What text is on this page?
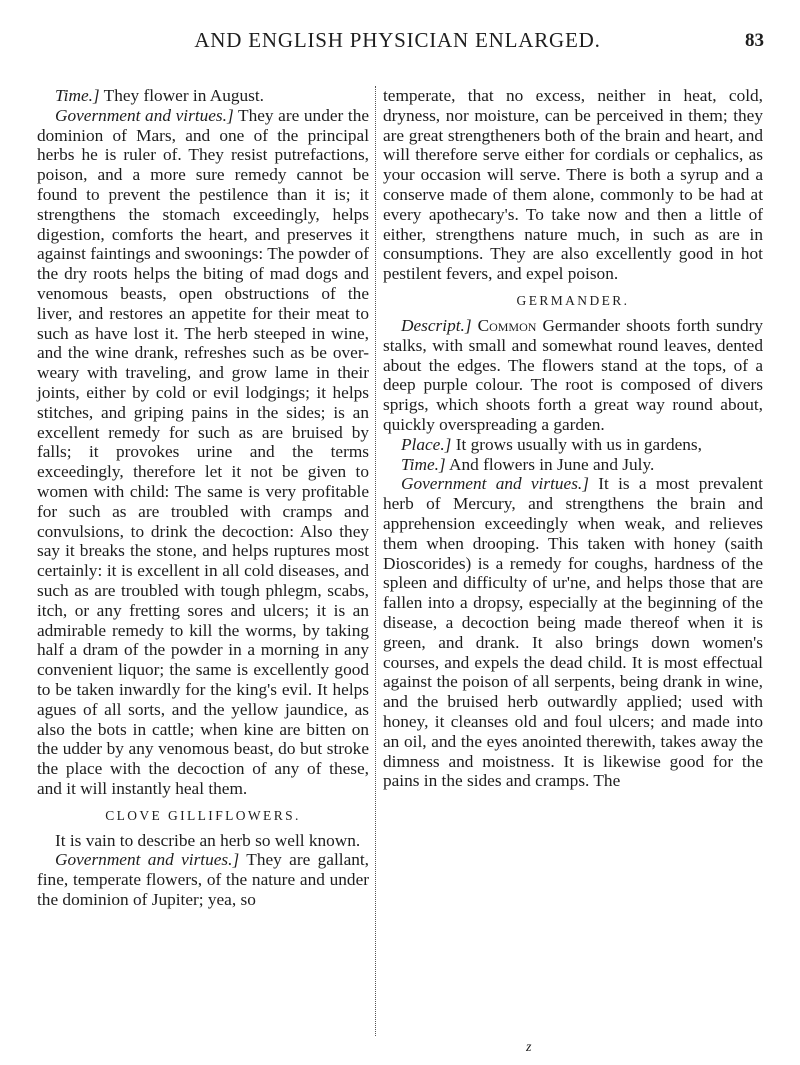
AND ENGLISH PHYSICIAN ENLARGED.	83

Time.] They flower in August.

Government and virtues.] They are under the dominion of Mars, and one of the principal herbs he is ruler of. They resist putrefactions, poison, and a more sure remedy cannot be found to prevent the pestilence than it is; it strengthens the stomach exceedingly, helps digestion, comforts the heart, and preserves it against faintings and swoonings: The powder of the dry roots helps the biting of mad dogs and venomous beasts, open obstructions of the liver, and restores an appetite for their meat to such as have lost it. The herb steeped in wine, and the wine drank, refreshes such as be over-weary with traveling, and grow lame in their joints, either by cold or evil lodgings; it helps stitches, and griping pains in the sides; is an excellent remedy for such as are bruised by falls; it provokes urine and the terms exceedingly, therefore let it not be given to women with child: The same is very profitable for such as are troubled with cramps and convulsions, to drink the decoction: Also they say it breaks the stone, and helps ruptures most certainly: it is excellent in all cold diseases, and such as are troubled with tough phlegm, scabs, itch, or any fretting sores and ulcers; it is an admirable remedy to kill the worms, by taking half a dram of the powder in a morning in any convenient liquor; the same is excellently good to be taken inwardly for the king's evil. It helps agues of all sorts, and the yellow jaundice, as also the bots in cattle; when kine are bitten on the udder by any venomous beast, do but stroke the place with the decoction of any of these, and it will instantly heal them.

CLOVE GILLIFLOWERS.

It is vain to describe an herb so well known.

Government and virtues.] They are gallant, fine, temperate flowers, of the nature and under the dominion of Jupiter; yea, so

temperate, that no excess, neither in heat, cold, dryness, nor moisture, can be perceived in them; they are great strengtheners both of the brain and heart, and will therefore serve either for cordials or cephalics, as your occasion will serve. There is both a syrup and a conserve made of them alone, commonly to be had at every apothecary's. To take now and then a little of either, strengthens nature much, in such as are in consumptions. They are also excellently good in hot pestilent fevers, and expel poison.

GERMANDER.

Descript.] Common Germander shoots forth sundry stalks, with small and somewhat round leaves, dented about the edges. The flowers stand at the tops, of a deep purple colour. The root is composed of divers sprigs, which shoots forth a great way round about, quickly overspreading a garden.

Place.] It grows usually with us in gardens,

Time.] And flowers in June and July.

Government and virtues.] It is a most prevalent herb of Mercury, and strengthens the brain and apprehension exceedingly when weak, and relieves them when drooping. This taken with honey (saith Dioscorides) is a remedy for coughs, hardness of the spleen and difficulty of ur'ne, and helps those that are fallen into a dropsy, especially at the beginning of the disease, a decoction being made thereof when it is green, and drank. It also brings down women's courses, and expels the dead child. It is most effectual against the poison of all serpents, being drank in wine, and the bruised herb outwardly applied; used with honey, it cleanses old and foul ulcers; and made into an oil, and the eyes anointed therewith, takes away the dimness and moistness. It is likewise good for the pains in the sides and cramps. The

z
